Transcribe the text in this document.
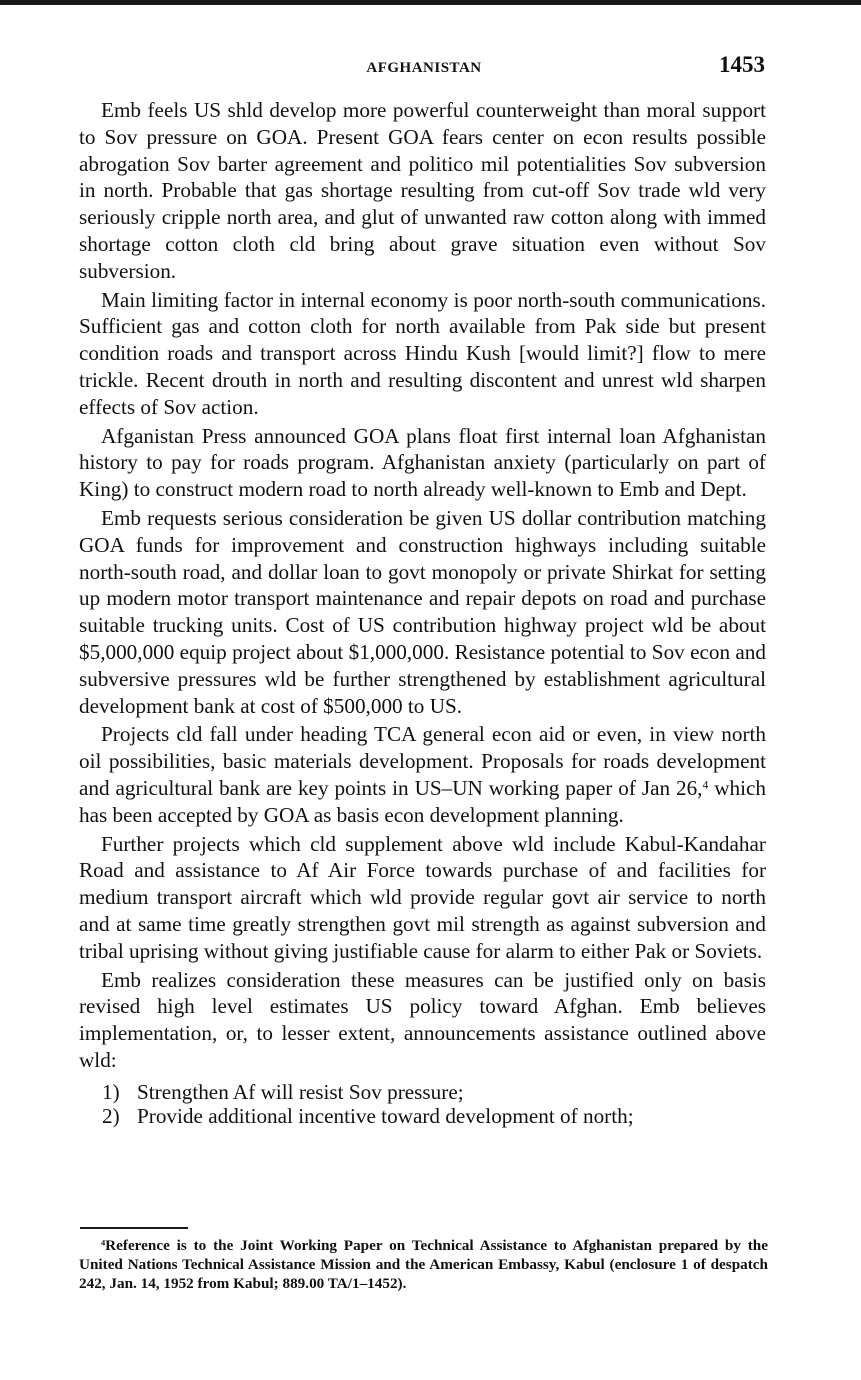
AFGHANISTAN	1453

Emb feels US shld develop more powerful counterweight than moral support to Sov pressure on GOA. Present GOA fears center on econ results possible abrogation Sov barter agreement and politico mil potentialities Sov subversion in north. Probable that gas shortage resulting from cut-off Sov trade wld very seriously cripple north area, and glut of unwanted raw cotton along with immed shortage cotton cloth cld bring about grave situation even without Sov subversion.

Main limiting factor in internal economy is poor north-south communications. Sufficient gas and cotton cloth for north available from Pak side but present condition roads and transport across Hindu Kush [would limit?] flow to mere trickle. Recent drouth in north and resulting discontent and unrest wld sharpen effects of Sov action.

Afganistan Press announced GOA plans float first internal loan Afghanistan history to pay for roads program. Afghanistan anxiety (particularly on part of King) to construct modern road to north already well-known to Emb and Dept.

Emb requests serious consideration be given US dollar contribution matching GOA funds for improvement and construction highways including suitable north-south road, and dollar loan to govt monopoly or private Shirkat for setting up modern motor transport maintenance and repair depots on road and purchase suitable trucking units. Cost of US contribution highway project wld be about $5,000,000 equip project about $1,000,000. Resistance potential to Sov econ and subversive pressures wld be further strengthened by establishment agricultural development bank at cost of $500,000 to US.

Projects cld fall under heading TCA general econ aid or even, in view north oil possibilities, basic materials development. Proposals for roads development and agricultural bank are key points in US–UN working paper of Jan 26,$^4$ which has been accepted by GOA as basis econ development planning.

Further projects which cld supplement above wld include Kabul-Kandahar Road and assistance to Af Air Force towards purchase of and facilities for medium transport aircraft which wld provide regular govt air service to north and at same time greatly strengthen govt mil strength as against subversion and tribal uprising without giving justifiable cause for alarm to either Pak or Soviets.

Emb realizes consideration these measures can be justified only on basis revised high level estimates US policy toward Afghan. Emb believes implementation, or, to lesser extent, announcements assistance outlined above wld:

1) Strengthen Af will resist Sov pressure;
2) Provide additional incentive toward development of north;

$^4$Reference is to the Joint Working Paper on Technical Assistance to Afghanistan prepared by the United Nations Technical Assistance Mission and the American Embassy, Kabul (enclosure 1 of despatch 242, Jan. 14, 1952 from Kabul; 889.00 TA/1–1452).
